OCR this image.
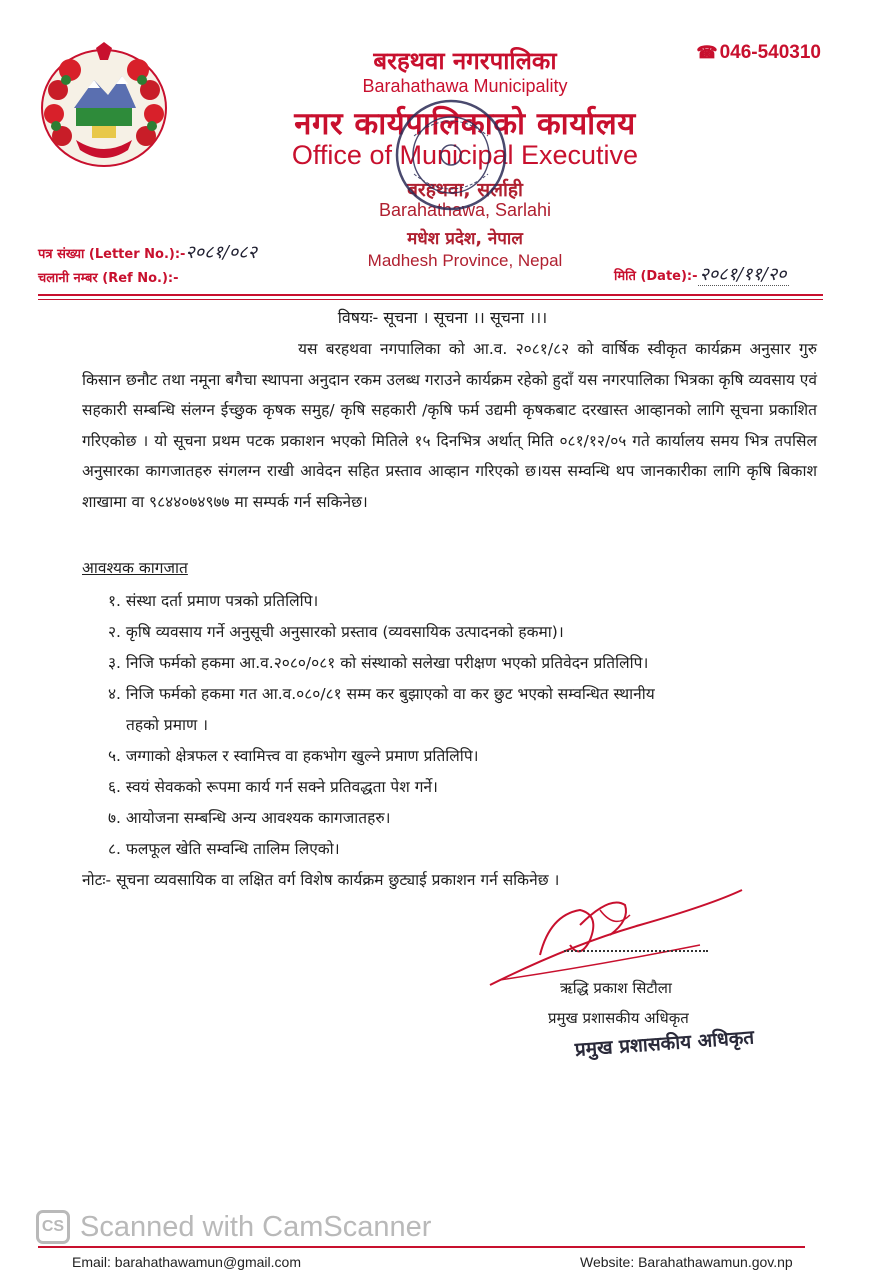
☎ 046-540310
बरहथवा नगरपालिका
Barahathawa Municipality
नगर कार्यपालिकाको कार्यालय
Office of Municipal Executive
बरहथवा, सर्लाही
Barahathawa, Sarlahi
मधेश प्रदेश, नेपाल
Madhesh Province, Nepal
पत्र संख्या (Letter No.):-२०८१/०८२
चलानी नम्बर (Ref No.):-	मिति (Date):- २०८१/११/२०
विषयः- सूचना । सूचना ।। सूचना ।।।
यस बरहथवा नगपालिका को आ.व. २०८१/८२ को वार्षिक स्वीकृत कार्यक्रम अनुसार गुरु किसान छनौट तथा नमूना बगैचा स्थापना अनुदान रकम उलब्ध गराउने कार्यक्रम रहेको हुदाँ यस नगरपालिका भित्रका कृषि व्यवसाय एवं सहकारी सम्बन्धि संलग्न ईच्छुक कृषक समुह/ कृषि सहकारी /कृषि फर्म उद्यमी कृषकबाट दरखास्त आव्हानको लागि सूचना प्रकाशित गरिएकोछ । यो सूचना प्रथम पटक प्रकाशन भएको मितिले १५ दिनभित्र अर्थात् मिति ०८१/१२/०५ गते कार्यालय समय भित्र तपसिल अनुसारका कागजातहरु संगलग्न राखी आवेदन सहित प्रस्ताव आव्हान गरिएको छ।यस सम्वन्धि थप जानकारीका लागि कृषि बिकाश शाखामा वा ९८४४०७४९७७ मा सम्पर्क गर्न सकिनेछ।
आवश्यक कागजात
१. संस्था दर्ता प्रमाण पत्रको प्रतिलिपि।
२. कृषि व्यवसाय गर्ने अनुसूची अनुसारको प्रस्ताव (व्यवसायिक उत्पादनको हकमा)।
३. निजि फर्मको हकमा आ.व.२०८०/०८१ को संस्थाको सलेखा परीक्षण भएको प्रतिवेदन प्रतिलिपि।
४. निजि फर्मको हकमा गत आ.व.०८०/८१ सम्म कर बुझाएको वा कर छुट भएको सम्वन्धित स्थानीय
तहको प्रमाण ।
५. जग्गाको क्षेत्रफल र स्वामित्त्व वा हकभोग खुल्ने प्रमाण प्रतिलिपि।
६. स्वयं सेवकको रूपमा कार्य गर्न सक्ने प्रतिवद्धता पेश गर्ने।
७. आयोजना सम्बन्धि अन्य आवश्यक कागजातहरु।
८. फलफूल खेति सम्वन्धि तालिम लिएको।
नोटः- सूचना व्यवसायिक वा लक्षित वर्ग विशेष कार्यक्रम छुट्याई प्रकाशन गर्न सकिनेछ ।
ऋद्धि प्रकाश सिटौला
प्रमुख प्रशासकीय अधिकृत
प्रमुख प्रशासकीय अधिकृत
CS Scanned with CamScanner
Email: barahathawamun@gmail.com	Website: Barahathawamun.gov.np
